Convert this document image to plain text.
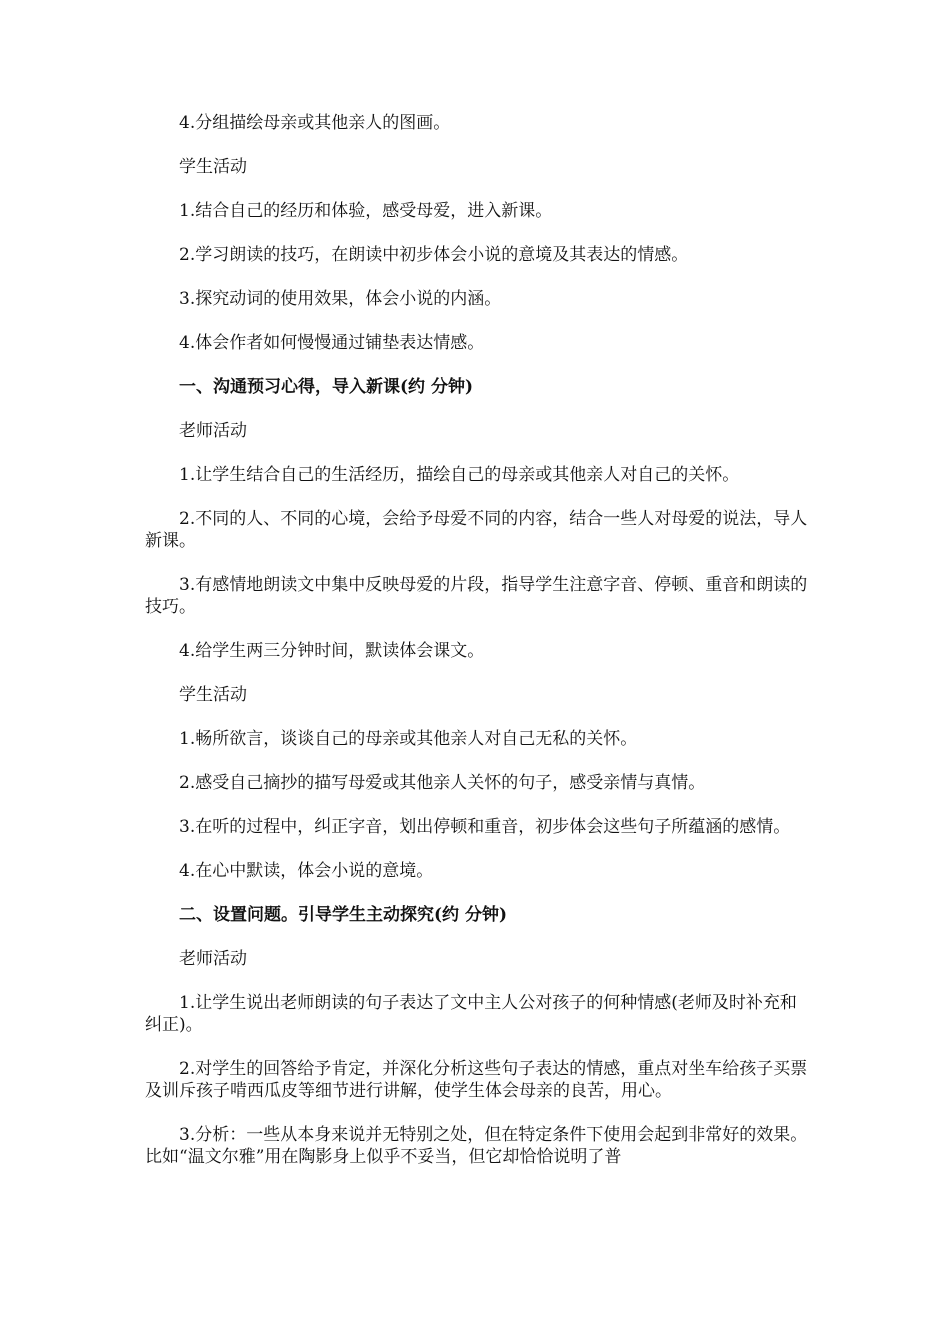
4.分组描绘母亲或其他亲人的图画。

学生活动

1.结合自己的经历和体验，感受母爱，进入新课。

2.学习朗读的技巧，在朗读中初步体会小说的意境及其表达的情感。

3.探究动词的使用效果，体会小说的内涵。

4.体会作者如何慢慢通过铺垫表达情感。

一、沟通预习心得，导入新课(约 分钟)

老师活动

1.让学生结合自己的生活经历，描绘自己的母亲或其他亲人对自己的关怀。

2.不同的人、不同的心境，会给予母爱不同的内容，结合一些人对母爱的说法，导人新课。

3.有感情地朗读文中集中反映母爱的片段，指导学生注意字音、停顿、重音和朗读的技巧。

4.给学生两三分钟时间，默读体会课文。

学生活动

1.畅所欲言，谈谈自己的母亲或其他亲人对自己无私的关怀。

2.感受自己摘抄的描写母爱或其他亲人关怀的句子，感受亲情与真情。

3.在听的过程中，纠正字音，划出停顿和重音，初步体会这些句子所蕴涵的感情。

4.在心中默读，体会小说的意境。

二、设置问题。引导学生主动探究(约 分钟)

老师活动

1.让学生说出老师朗读的句子表达了文中主人公对孩子的何种情感(老师及时补充和纠正)。

2.对学生的回答给予肯定，并深化分析这些句子表达的情感，重点对坐车给孩子买票及训斥孩子啃西瓜皮等细节进行讲解，使学生体会母亲的良苦，用心。

3.分析：一些从本身来说并无特别之处，但在特定条件下使用会起到非常好的效果。比如“温文尔雅”用在陶影身上似乎不妥当，但它却恰恰说明了普
